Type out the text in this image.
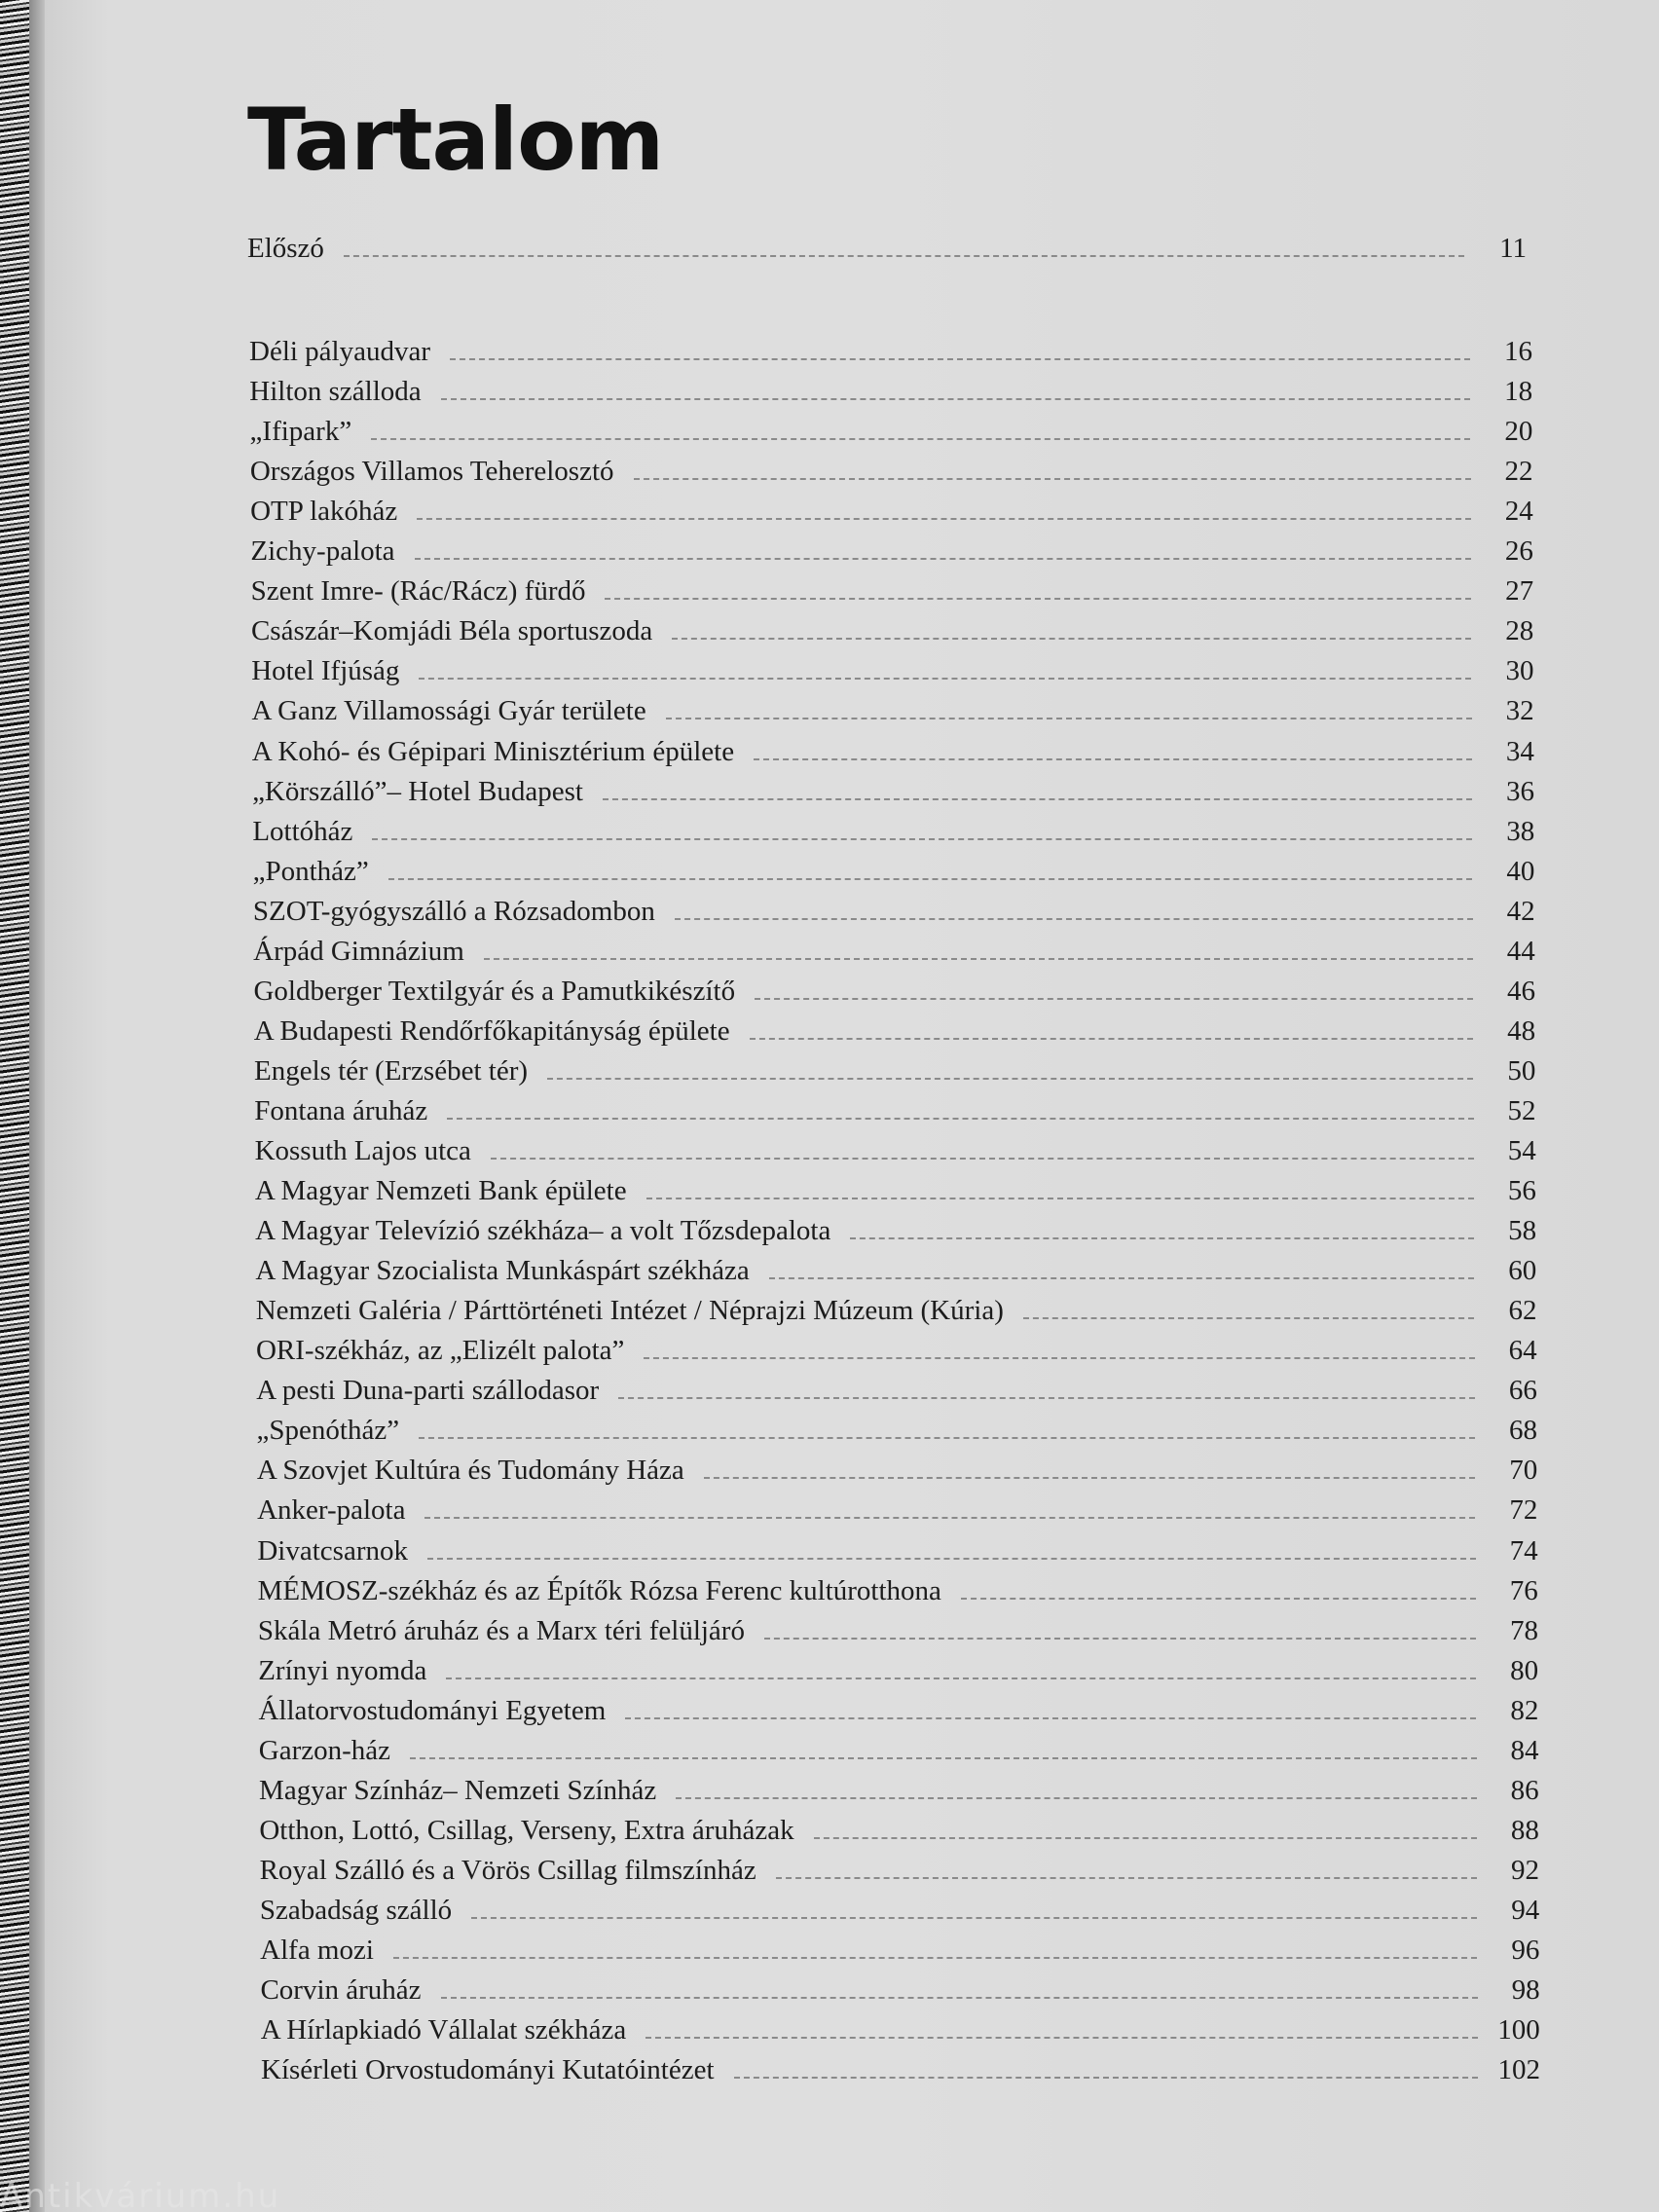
Tartalom
Előszó	11
Déli pályaudvar	16
Hilton szálloda	18
„Ifipark”	20
Országos Villamos Teherelosztó	22
OTP lakóház	24
Zichy-palota	26
Szent Imre- (Rác/Rácz) fürdő	27
Császár–Komjádi Béla sportuszoda	28
Hotel Ifjúság	30
A Ganz Villamossági Gyár területe	32
A Kohó- és Gépipari Minisztérium épülete	34
„Körszálló”– Hotel Budapest	36
Lottóház	38
„Pontház”	40
SZOT-gyógyszálló a Rózsadombon	42
Árpád Gimnázium	44
Goldberger Textilgyár és a Pamutkikészítő	46
A Budapesti Rendőrfőkapitányság épülete	48
Engels tér (Erzsébet tér)	50
Fontana áruház	52
Kossuth Lajos utca	54
A Magyar Nemzeti Bank épülete	56
A Magyar Televízió székháza– a volt Tőzsdepalota	58
A Magyar Szocialista Munkáspárt székháza	60
Nemzeti Galéria / Párttörténeti Intézet / Néprajzi Múzeum (Kúria)	62
ORI-székház, az „Elizélt palota”	64
A pesti Duna-parti szállodasor	66
„Spenótház”	68
A Szovjet Kultúra és Tudomány Háza	70
Anker-palota	72
Divatcsarnok	74
MÉMOSZ-székház és az Építők Rózsa Ferenc kultúrotthona	76
Skála Metró áruház és a Marx téri felüljáró	78
Zrínyi nyomda	80
Állatorvostudományi Egyetem	82
Garzon-ház	84
Magyar Színház– Nemzeti Színház	86
Otthon, Lottó, Csillag, Verseny, Extra áruházak	88
Royal Szálló és a Vörös Csillag filmszínház	92
Szabadság szálló	94
Alfa mozi	96
Corvin áruház	98
A Hírlapkiadó Vállalat székháza	100
Kísérleti Orvostudományi Kutatóintézet	102
Antikvárium.hu
